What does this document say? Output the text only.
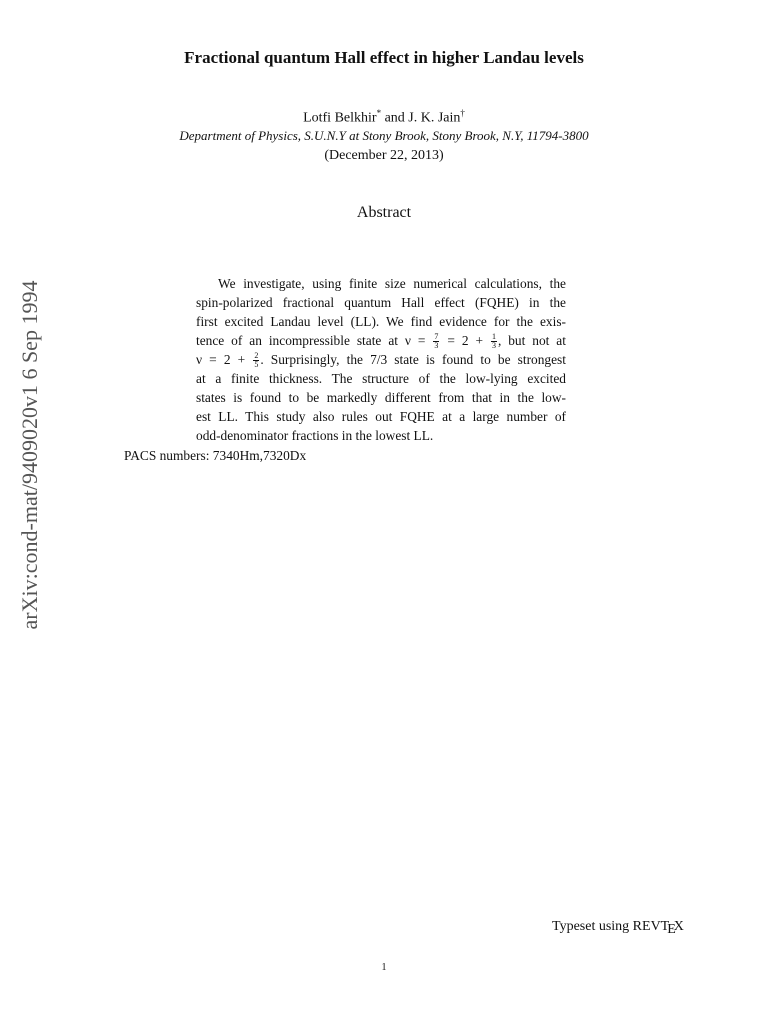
Fractional quantum Hall effect in higher Landau levels
Lotfi Belkhir* and J. K. Jain†
Department of Physics, S.U.N.Y at Stony Brook, Stony Brook, N.Y, 11794-3800
(December 22, 2013)
Abstract
We investigate, using finite size numerical calculations, the
spin-polarized fractional quantum Hall effect (FQHE) in the
first excited Landau level (LL). We find evidence for the exis-
tence of an incompressible state at $\nu = \frac{7}{3} = 2 + \frac{1}{3}$ , but not at
$\nu = 2 + \frac{2}{5}$ . Surprisingly, the 7/3 state is found to be strongest
at a finite thickness. The structure of the low-lying excited
states is found to be markedly different from that in the low-
est LL. This study also rules out FQHE at a large number of
odd-denominator fractions in the lowest LL.
PACS numbers: 7340Hm,7320Dx
arXiv:cond-mat/9409020v1 6 Sep 1994
Typeset using REVTEX
1
